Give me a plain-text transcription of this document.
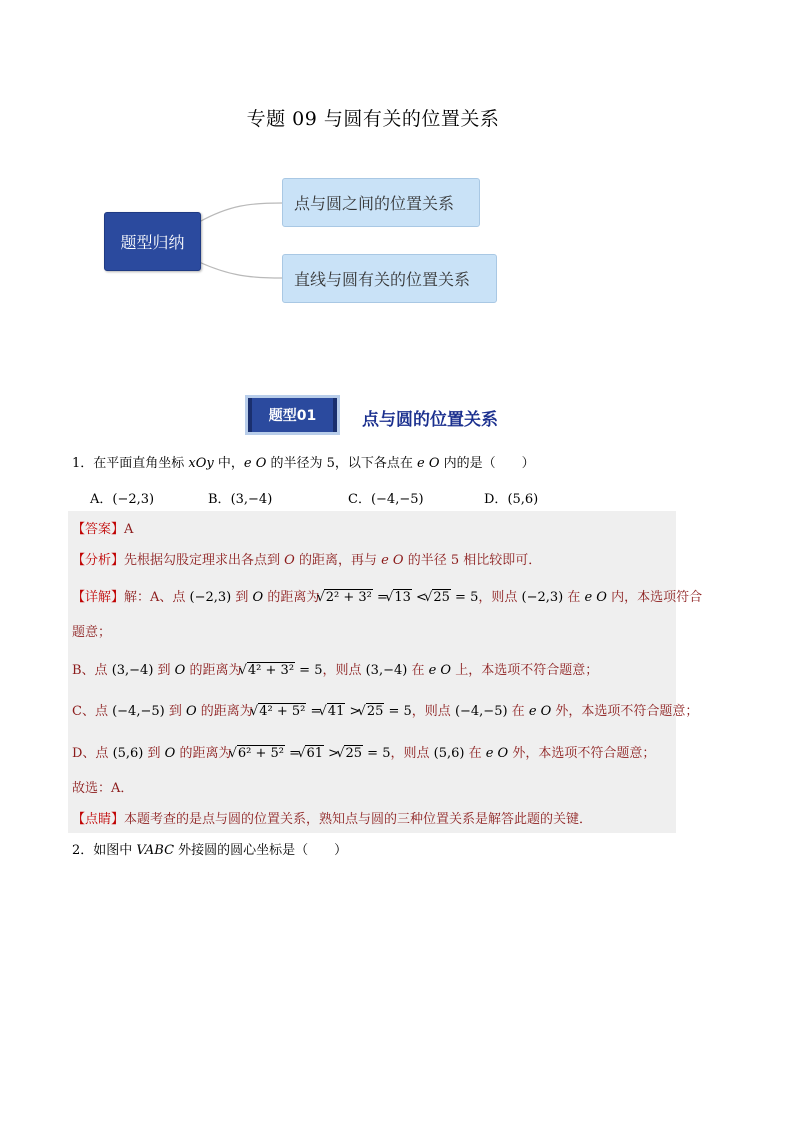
专题 09 与圆有关的位置关系
题型归纳
点与圆之间的位置关系
直线与圆有关的位置关系
题型01	点与圆的位置关系
1．在平面直角坐标 xOy 中，e O 的半径为 5，以下各点在 e O 内的是（　　）
A．(−2,3)	B．(3,−4)	C．(−4,−5)	D．(5,6)
【答案】A
【分析】先根据勾股定理求出各点到 O 的距离，再与 e O 的半径 5 相比较即可．
【详解】解：A、点 (−2,3) 到 O 的距离为 √ 2² + 3² = √ 13 < √ 25 = 5，则点 (−2,3) 在 e O 内，本选项符合
题意；
B、点 (3,−4) 到 O 的距离为 √ 4² + 3² = 5，则点 (3,−4) 在 e O 上，本选项不符合题意；
C、点 (−4,−5) 到 O 的距离为 √ 4² + 5² = √ 41 > √ 25 = 5，则点 (−4,−5) 在 e O 外，本选项不符合题意；
D、点 (5,6) 到 O 的距离为 √ 6² + 5² = √ 61 > √ 25 = 5，则点 (5,6) 在 e O 外，本选项不符合题意；
故选：A．
【点睛】本题考查的是点与圆的位置关系，熟知点与圆的三种位置关系是解答此题的关键．
2．如图中 VABC 外接圆的圆心坐标是（　　）
